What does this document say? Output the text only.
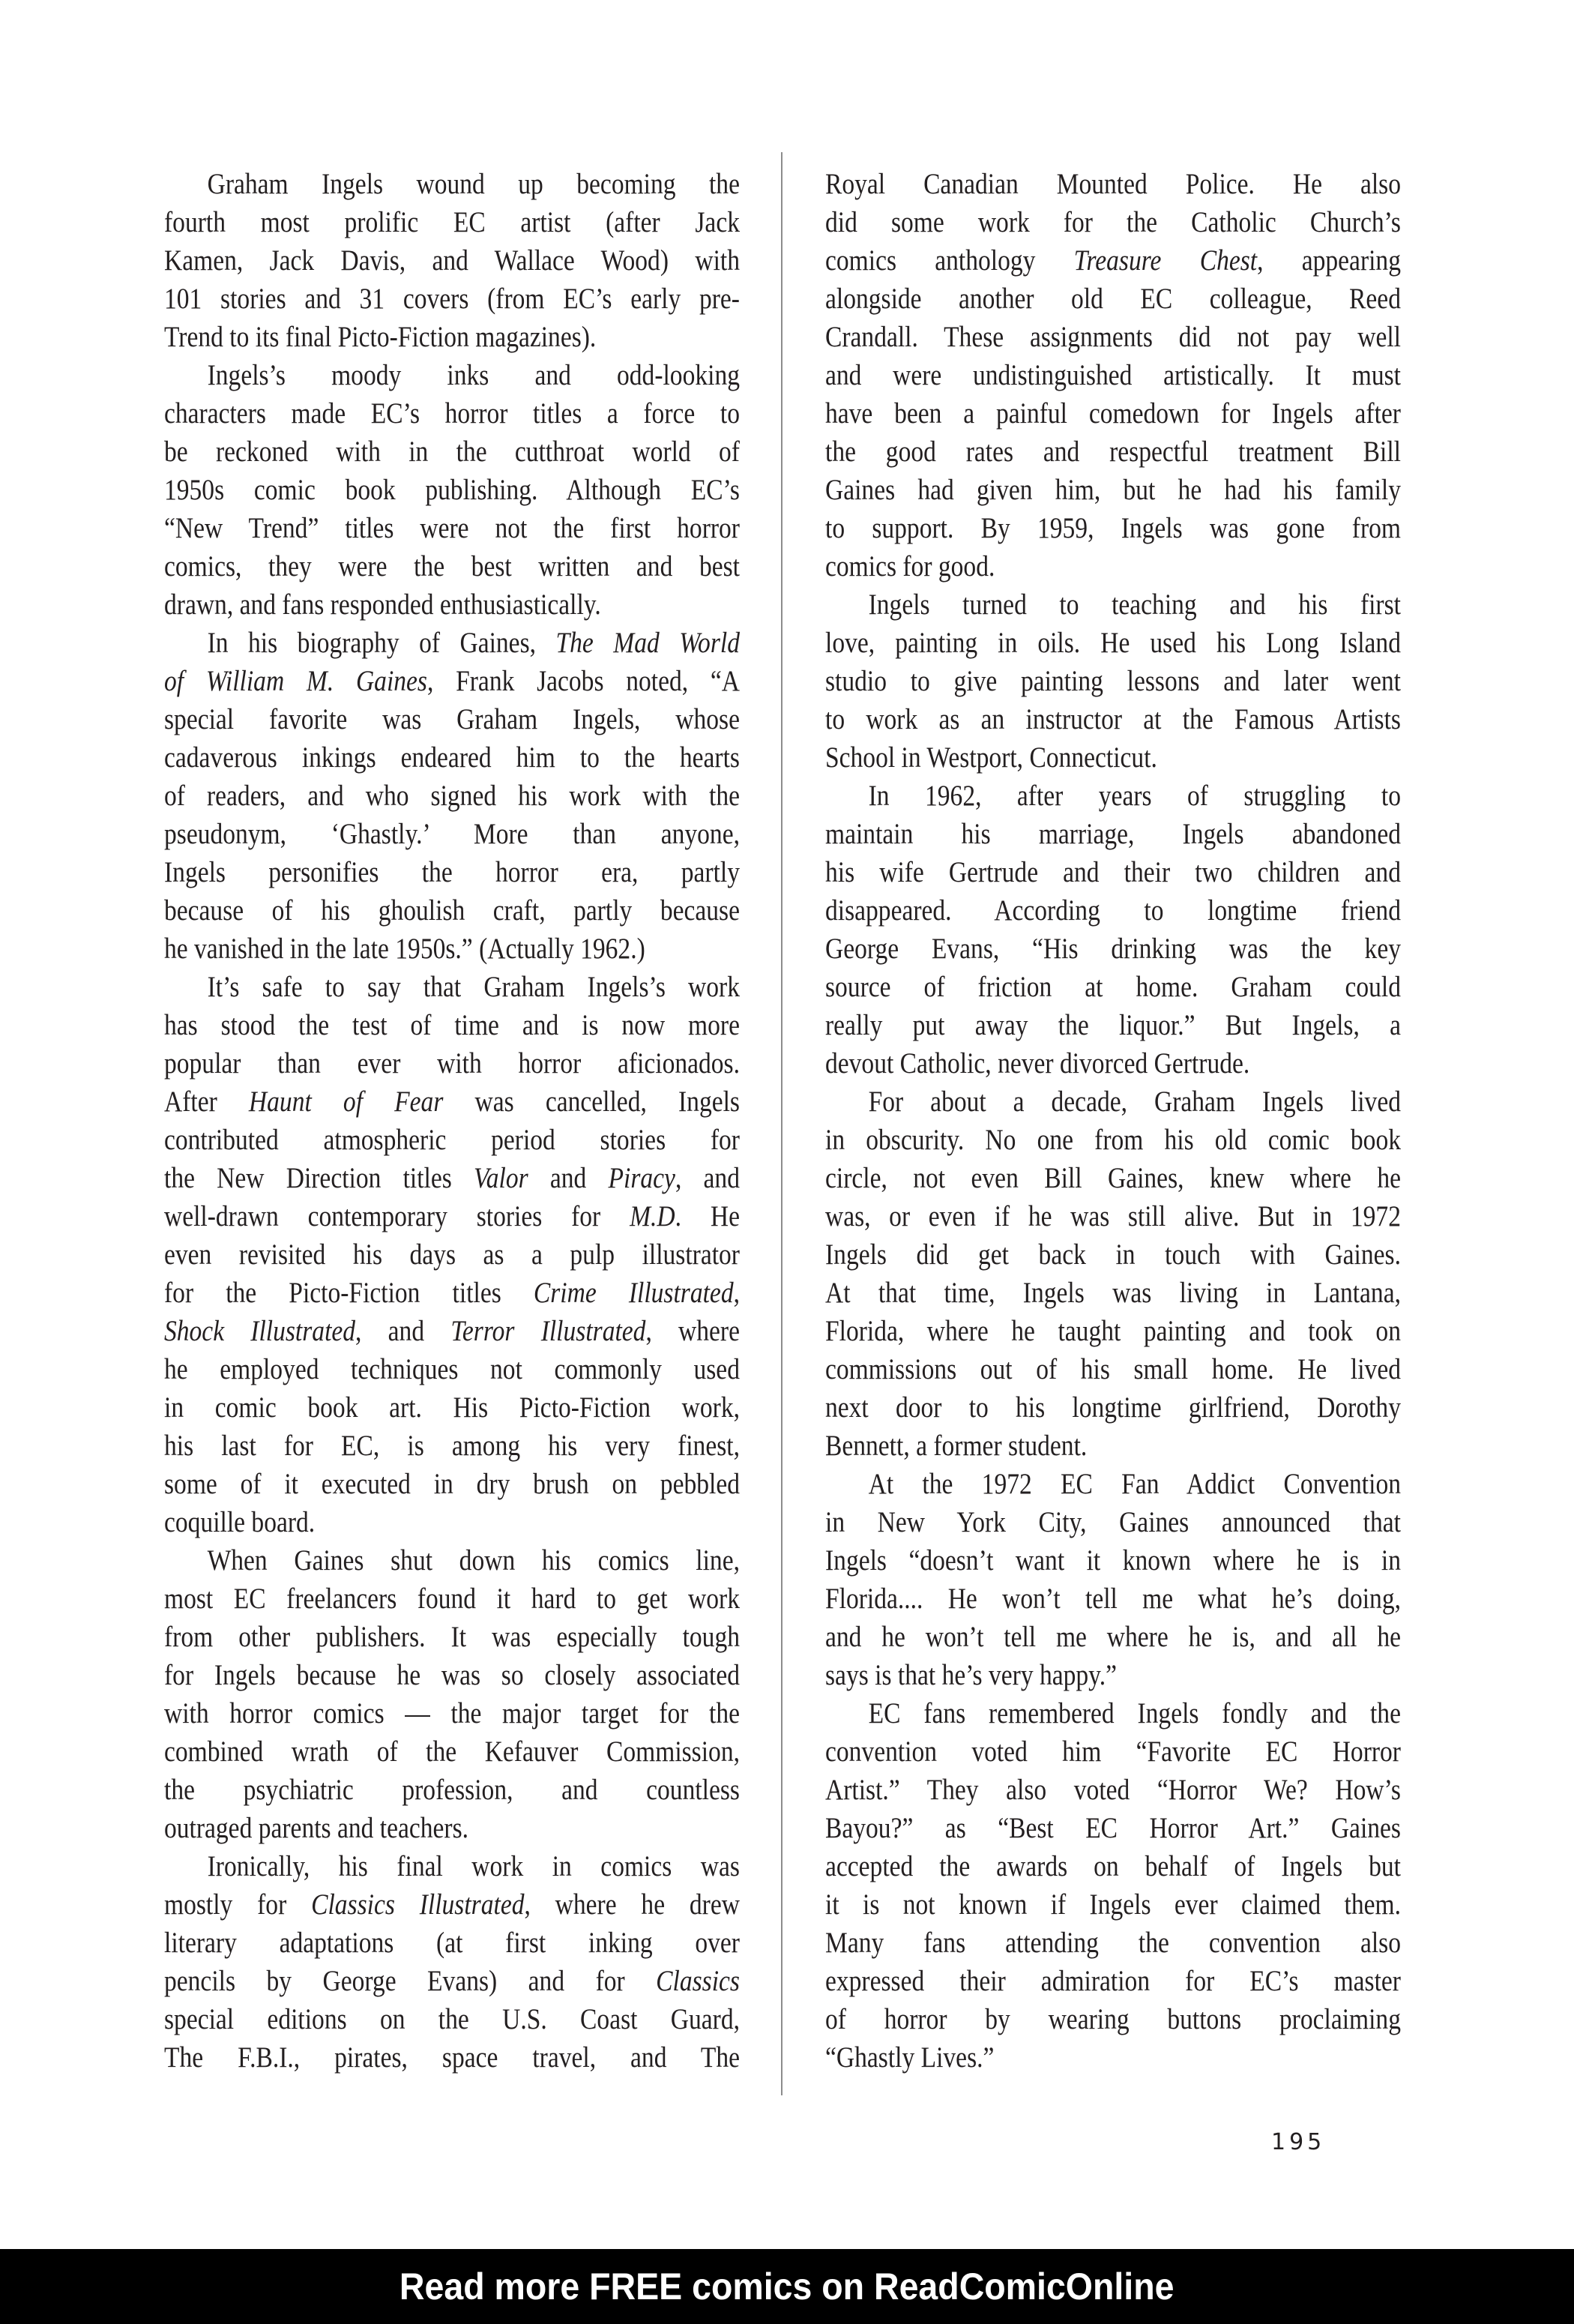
Graham Ingels wound up becoming the
fourth most prolific EC artist (after Jack
Kamen, Jack Davis, and Wallace Wood) with
101 stories and 31 covers (from EC’s early pre-
Trend to its final Picto-Fiction magazines).
Ingels’s moody inks and odd-looking
characters made EC’s horror titles a force to
be reckoned with in the cutthroat world of
1950s comic book publishing. Although EC’s
“New Trend” titles were not the first horror
comics, they were the best written and best
drawn, and fans responded enthusiastically.
In his biography of Gaines, The Mad World
of William M. Gaines, Frank Jacobs noted, “A
special favorite was Graham Ingels, whose
cadaverous inkings endeared him to the hearts
of readers, and who signed his work with the
pseudonym, ‘Ghastly.’ More than anyone,
Ingels personifies the horror era, partly
because of his ghoulish craft, partly because
he vanished in the late 1950s.” (Actually 1962.)
It’s safe to say that Graham Ingels’s work
has stood the test of time and is now more
popular than ever with horror aficionados.
After Haunt of Fear was cancelled, Ingels
contributed atmospheric period stories for
the New Direction titles Valor and Piracy, and
well-drawn contemporary stories for M.D. He
even revisited his days as a pulp illustrator
for the Picto-Fiction titles Crime Illustrated,
Shock Illustrated, and Terror Illustrated, where
he employed techniques not commonly used
in comic book art. His Picto-Fiction work,
his last for EC, is among his very finest,
some of it executed in dry brush on pebbled
coquille board.
When Gaines shut down his comics line,
most EC freelancers found it hard to get work
from other publishers. It was especially tough
for Ingels because he was so closely associated
with horror comics — the major target for the
combined wrath of the Kefauver Commission,
the psychiatric profession, and countless
outraged parents and teachers.
Ironically, his final work in comics was
mostly for Classics Illustrated, where he drew
literary adaptations (at first inking over
pencils by George Evans) and for Classics
special editions on the U.S. Coast Guard,
The F.B.I., pirates, space travel, and The
Royal Canadian Mounted Police. He also
did some work for the Catholic Church’s
comics anthology Treasure Chest, appearing
alongside another old EC colleague, Reed
Crandall. These assignments did not pay well
and were undistinguished artistically. It must
have been a painful comedown for Ingels after
the good rates and respectful treatment Bill
Gaines had given him, but he had his family
to support. By 1959, Ingels was gone from
comics for good.
Ingels turned to teaching and his first
love, painting in oils. He used his Long Island
studio to give painting lessons and later went
to work as an instructor at the Famous Artists
School in Westport, Connecticut.
In 1962, after years of struggling to
maintain his marriage, Ingels abandoned
his wife Gertrude and their two children and
disappeared. According to longtime friend
George Evans, “His drinking was the key
source of friction at home. Graham could
really put away the liquor.” But Ingels, a
devout Catholic, never divorced Gertrude.
For about a decade, Graham Ingels lived
in obscurity. No one from his old comic book
circle, not even Bill Gaines, knew where he
was, or even if he was still alive. But in 1972
Ingels did get back in touch with Gaines.
At that time, Ingels was living in Lantana,
Florida, where he taught painting and took on
commissions out of his small home. He lived
next door to his longtime girlfriend, Dorothy
Bennett, a former student.
At the 1972 EC Fan Addict Convention
in New York City, Gaines announced that
Ingels “doesn’t want it known where he is in
Florida.... He won’t tell me what he’s doing,
and he won’t tell me where he is, and all he
says is that he’s very happy.”
EC fans remembered Ingels fondly and the
convention voted him “Favorite EC Horror
Artist.” They also voted “Horror We? How’s
Bayou?” as “Best EC Horror Art.” Gaines
accepted the awards on behalf of Ingels but
it is not known if Ingels ever claimed them.
Many fans attending the convention also
expressed their admiration for EC’s master
of horror by wearing buttons proclaiming
“Ghastly Lives.”
195
Read more FREE comics on ReadComicOnline
